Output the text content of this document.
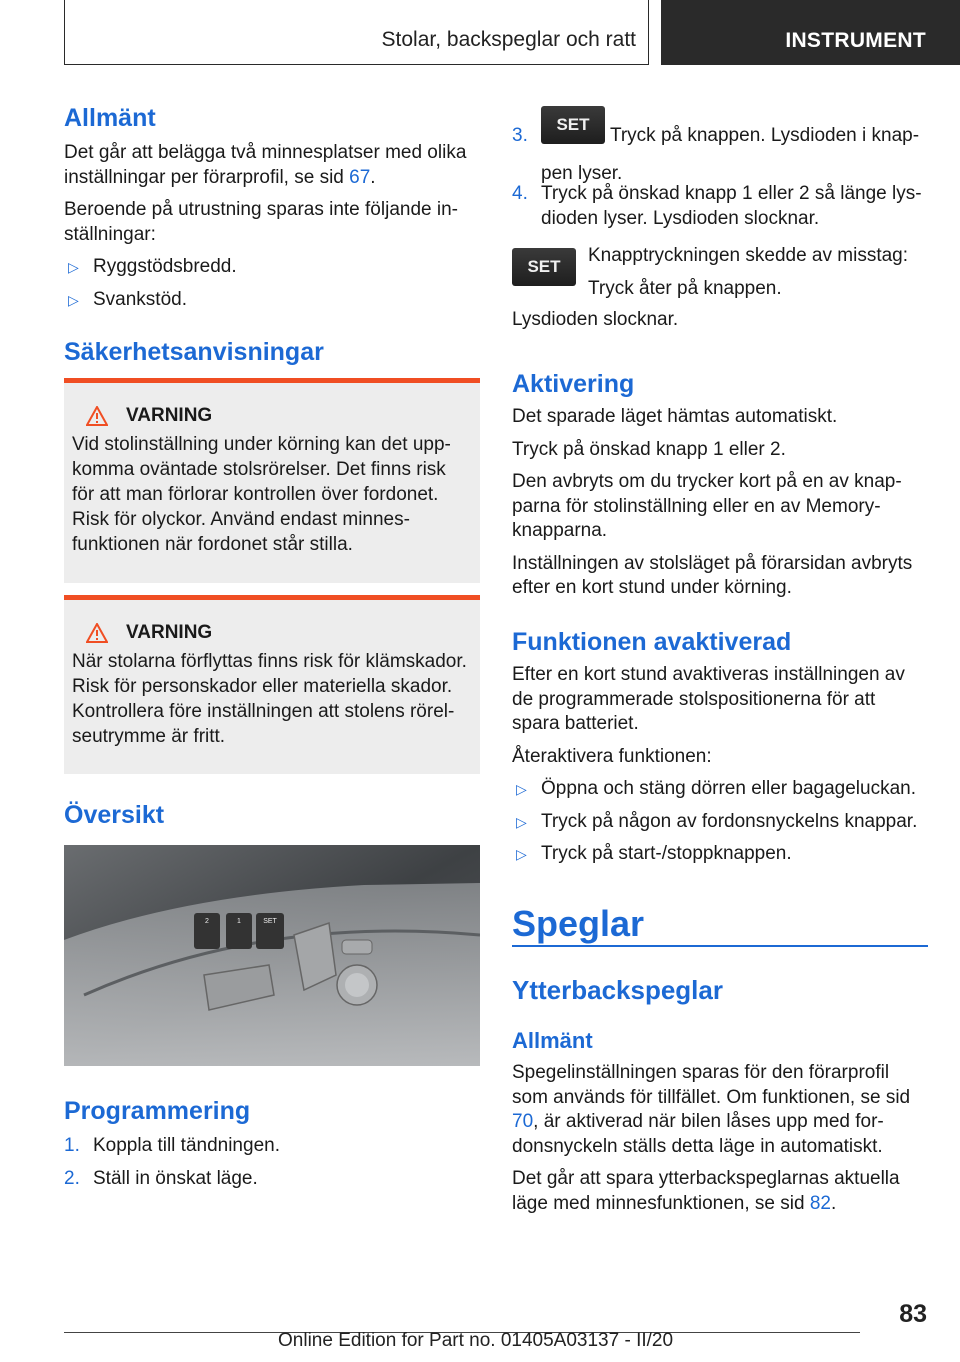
Stolar, backspeglar och ratt	INSTRUMENT
Allmänt
Det går att belägga två minnesplatser med olika inställningar per förarprofil, se sid 67.
Beroende på utrustning sparas inte följande in- ställningar:
▷ Ryggstödsbredd.
▷ Svankstöd.
Säkerhetsanvisningar
VARNING
Vid stolinställning under körning kan det upp- komma oväntade stolsrörelser. Det finns risk för att man förlorar kontrollen över fordonet. Risk för olyckor. Använd endast minnes-funktionen när fordonet står stilla.
VARNING
När stolarna förflyttas finns risk för klämskador. Risk för personskador eller materiella skador. Kontrollera före inställningen att stolens rörel- seutrymme är fritt.
Översikt
2	1	SET
Programmering
1. Koppla till tändningen.
2. Ställ in önskat läge.
3.
SET Tryck på knappen. Lysdioden i knap- pen lyser.
4. Tryck på önskad knapp 1 eller 2 så länge lys- dioden lyser. Lysdioden slocknar.
SET
Knapptryckningen skedde av misstag:
Tryck åter på knappen.
Lysdioden slocknar.
Aktivering
Det sparade läget hämtas automatiskt.
Tryck på önskad knapp 1 eller 2.
Den avbryts om du trycker kort på en av knap- parna för stolinställning eller en av Memory- knapparna.
Inställningen av stolsläget på förarsidan avbryts efter en kort stund under körning.
Funktionen avaktiverad
Efter en kort stund avaktiveras inställningen av de programmerade stolspositionerna för att spara batteriet.
Återaktivera funktionen:
▷ Öppna och stäng dörren eller bagageluckan.
▷ Tryck på någon av fordonsnyckelns knappar.
▷ Tryck på start-/stoppknappen.
Speglar
Ytterbackspeglar
Allmänt
Spegelinställningen sparas för den förarprofil som används för tillfället. Om funktionen, se sid 70, är aktiverad när bilen låses upp med for- donsnyckeln ställs detta läge in automatiskt.
Det går att spara ytterbackspeglarnas aktuella läge med minnesfunktionen, se sid 82.
83
Online Edition for Part no. 01405A03137 - II/20
